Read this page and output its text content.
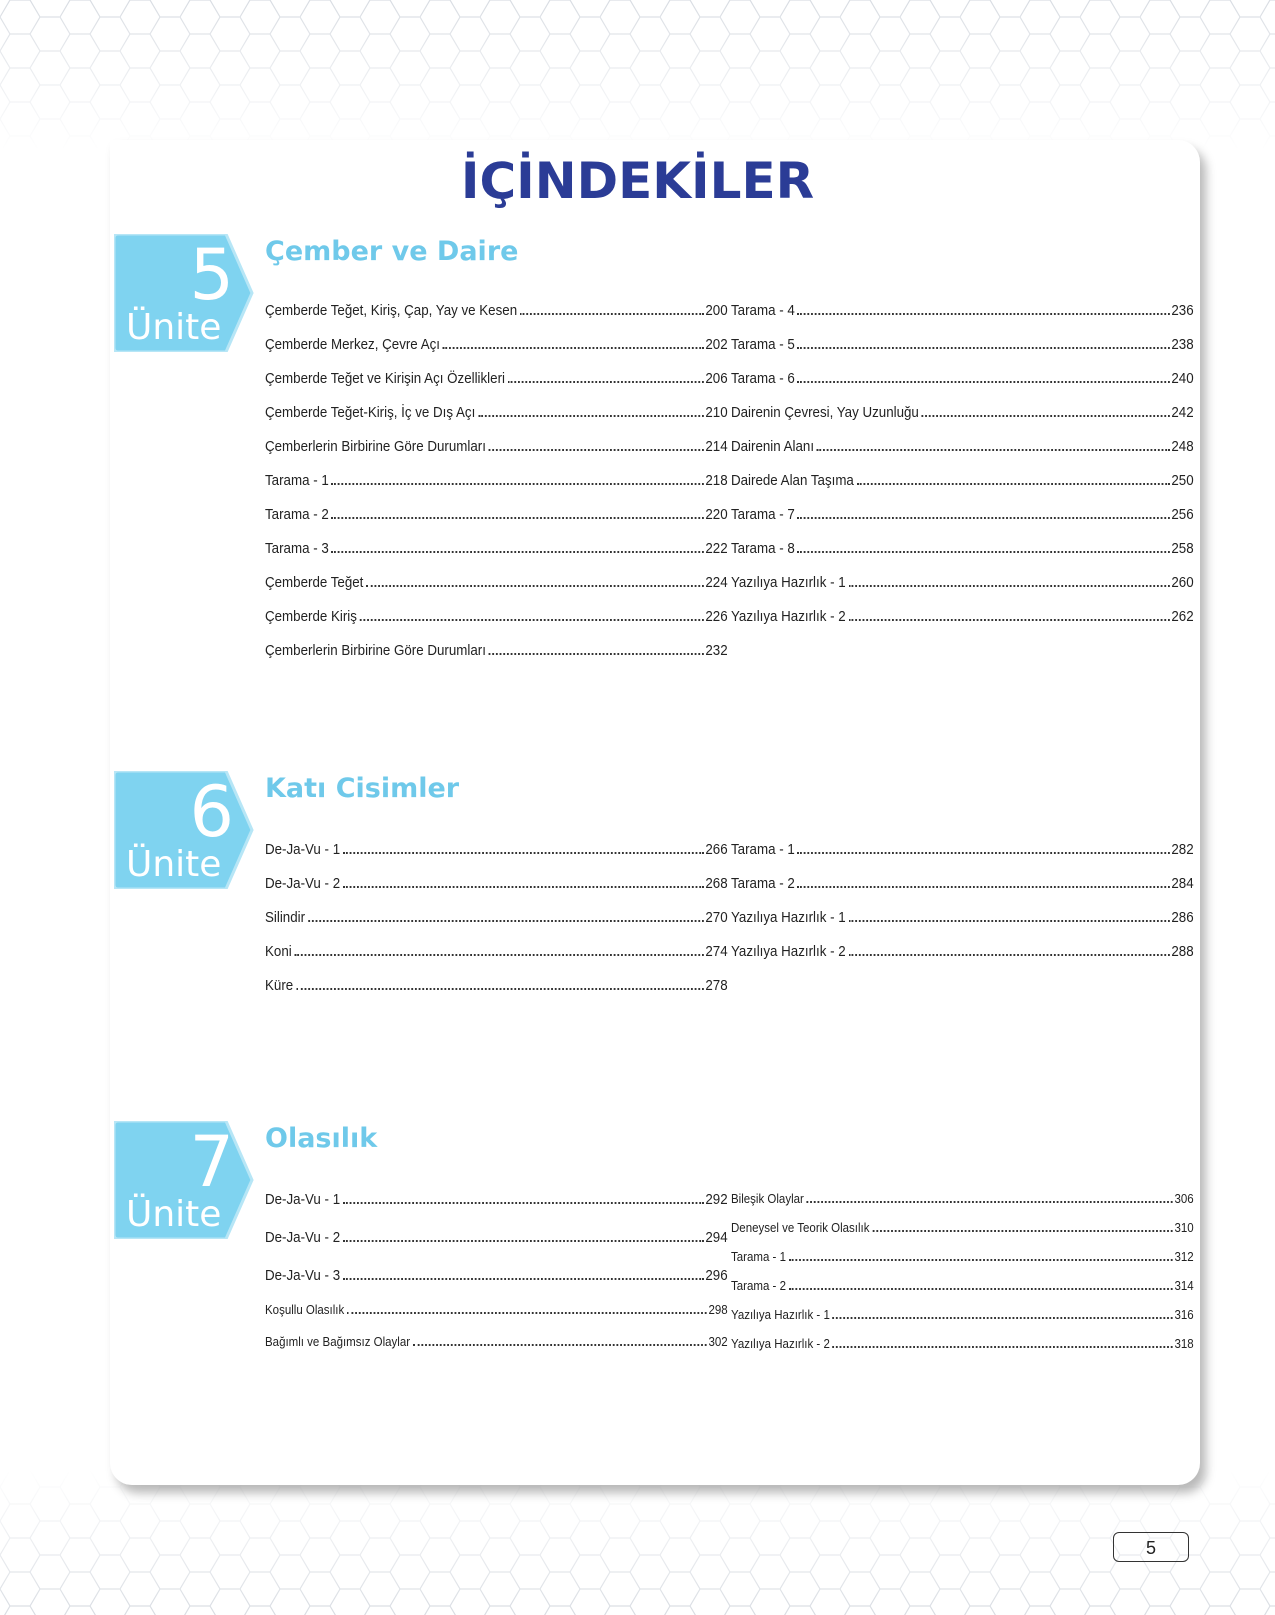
İÇİNDEKİLER
5
Ünite
Çember ve Daire
Çemberde Teğet, Kiriş, Çap, Yay ve Kesen	200
Çemberde Merkez, Çevre Açı	202
Çemberde Teğet ve Kirişin Açı Özellikleri	206
Çemberde Teğet-Kiriş, İç ve Dış Açı	210
Çemberlerin Birbirine Göre Durumları	214
Tarama - 1	218
Tarama - 2	220
Tarama - 3	222
Çemberde Teğet	224
Çemberde Kiriş	226
Çemberlerin Birbirine Göre Durumları	232
Tarama - 4	236
Tarama - 5	238
Tarama - 6	240
Dairenin Çevresi, Yay Uzunluğu	242
Dairenin Alanı	248
Dairede Alan Taşıma	250
Tarama - 7	256
Tarama - 8	258
Yazılıya Hazırlık - 1	260
Yazılıya Hazırlık - 2	262
6
Ünite
Katı Cisimler
De-Ja-Vu - 1	266
De-Ja-Vu - 2	268
Silindir	270
Koni	274
Küre	278
Tarama - 1	282
Tarama - 2	284
Yazılıya Hazırlık - 1	286
Yazılıya Hazırlık - 2	288
7
Ünite
Olasılık
De-Ja-Vu - 1	292
De-Ja-Vu - 2	294
De-Ja-Vu - 3	296
Koşullu Olasılık	298
Bağımlı ve Bağımsız Olaylar	302
Bileşik Olaylar	306
Deneysel ve Teorik Olasılık	310
Tarama - 1	312
Tarama - 2	314
Yazılıya Hazırlık - 1	316
Yazılıya Hazırlık - 2	318
5
